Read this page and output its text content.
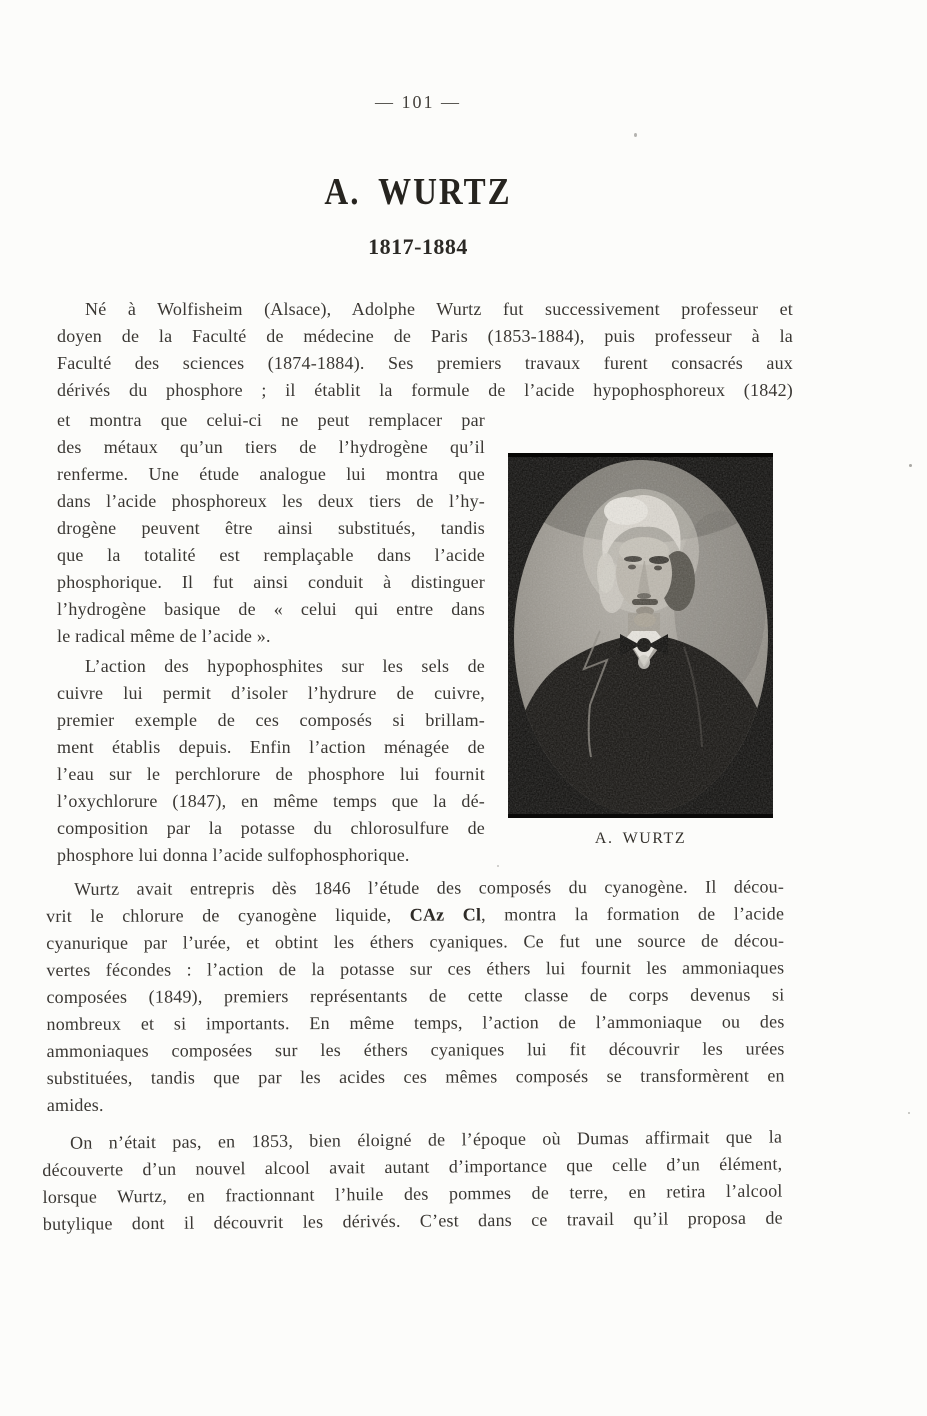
— 101 —
A. WURTZ
1817-1884
Né à Wolfisheim (Alsace), Adolphe Wurtz fut successivement professeur et
doyen de la Faculté de médecine de Paris (1853-1884), puis professeur à la
Faculté des sciences (1874-1884). Ses premiers travaux furent consacrés aux
dérivés du phosphore ; il établit la formule de l’acide hypophosphoreux (1842)
et montra que celui-ci ne peut remplacer par
des métaux qu’un tiers de l’hydrogène qu’il
renferme. Une étude analogue lui montra que
dans l’acide phosphoreux les deux tiers de l’hy-
drogène peuvent être ainsi substitués, tandis
que la totalité est remplaçable dans l’acide
phosphorique. Il fut ainsi conduit à distinguer
l’hydrogène basique de « celui qui entre dans
le radical même de l’acide ».
L’action des hypophosphites sur les sels de
cuivre lui permit d’isoler l’hydrure de cuivre,
premier exemple de ces composés si brillam-
ment établis depuis. Enfin l’action ménagée de
l’eau sur le perchlorure de phosphore lui fournit
l’oxychlorure (1847), en même temps que la dé-
composition par la potasse du chlorosulfure de
phosphore lui donna l’acide sulfophosphorique.
A. WURTZ
Wurtz avait entrepris dès 1846 l’étude des composés du cyanogène. Il décou-
vrit le chlorure de cyanogène liquide, CAz Cl, montra la formation de l’acide
cyanurique par l’urée, et obtint les éthers cyaniques. Ce fut une source de décou-
vertes fécondes : l’action de la potasse sur ces éthers lui fournit les ammoniaques
composées (1849), premiers représentants de cette classe de corps devenus si
nombreux et si importants. En même temps, l’action de l’ammoniaque ou des
ammoniaques composées sur les éthers cyaniques lui fit découvrir les urées
substituées, tandis que par les acides ces mêmes composés se transformèrent en
amides.
On n’était pas, en 1853, bien éloigné de l’époque où Dumas affirmait que la
découverte d’un nouvel alcool avait autant d’importance que celle d’un élément,
lorsque Wurtz, en fractionnant l’huile des pommes de terre, en retira l’alcool
butylique dont il découvrit les dérivés. C’est dans ce travail qu’il proposa de
